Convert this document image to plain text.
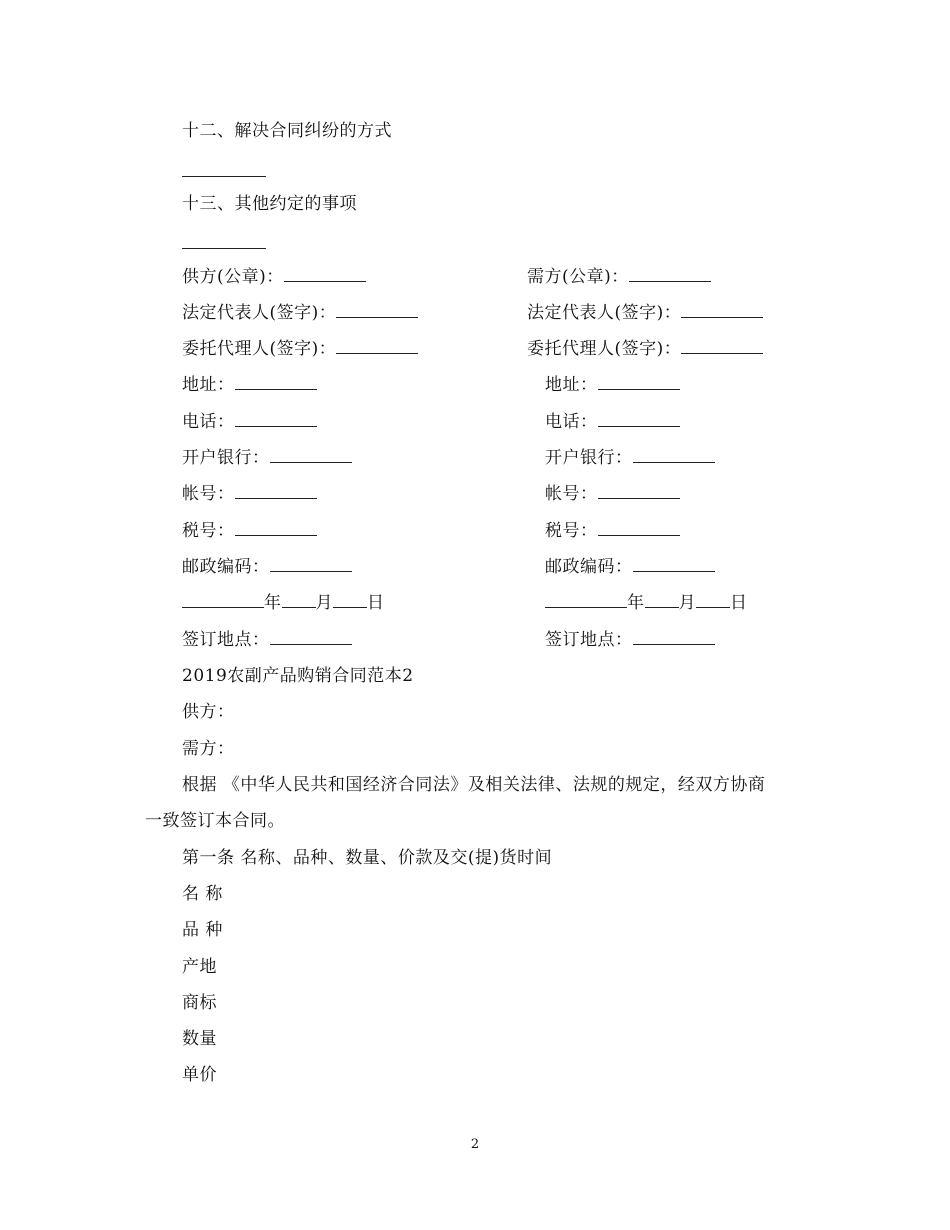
十二、解决合同纠纷的方式
十三、其他约定的事项
供方(公章)：
法定代表人(签字)：
委托代理人(签字)：
地址：
电话：
开户银行：
帐号：
税号：
邮政编码：
年 月 日
签订地点：
需方(公章)：
法定代表人(签字)：
委托代理人(签字)：
地址：
电话：
开户银行：
帐号：
税号：
邮政编码：
年 月 日
签订地点：
2019农副产品购销合同范本2
供方：
需方：
根据 《中华人民共和国经济合同法》及相关法律、法规的规定，经双方协商
一致签订本合同。
第一条 名称、品种、数量、价款及交(提)货时间
名 称
品 种
产地
商标
数量
单价
2
